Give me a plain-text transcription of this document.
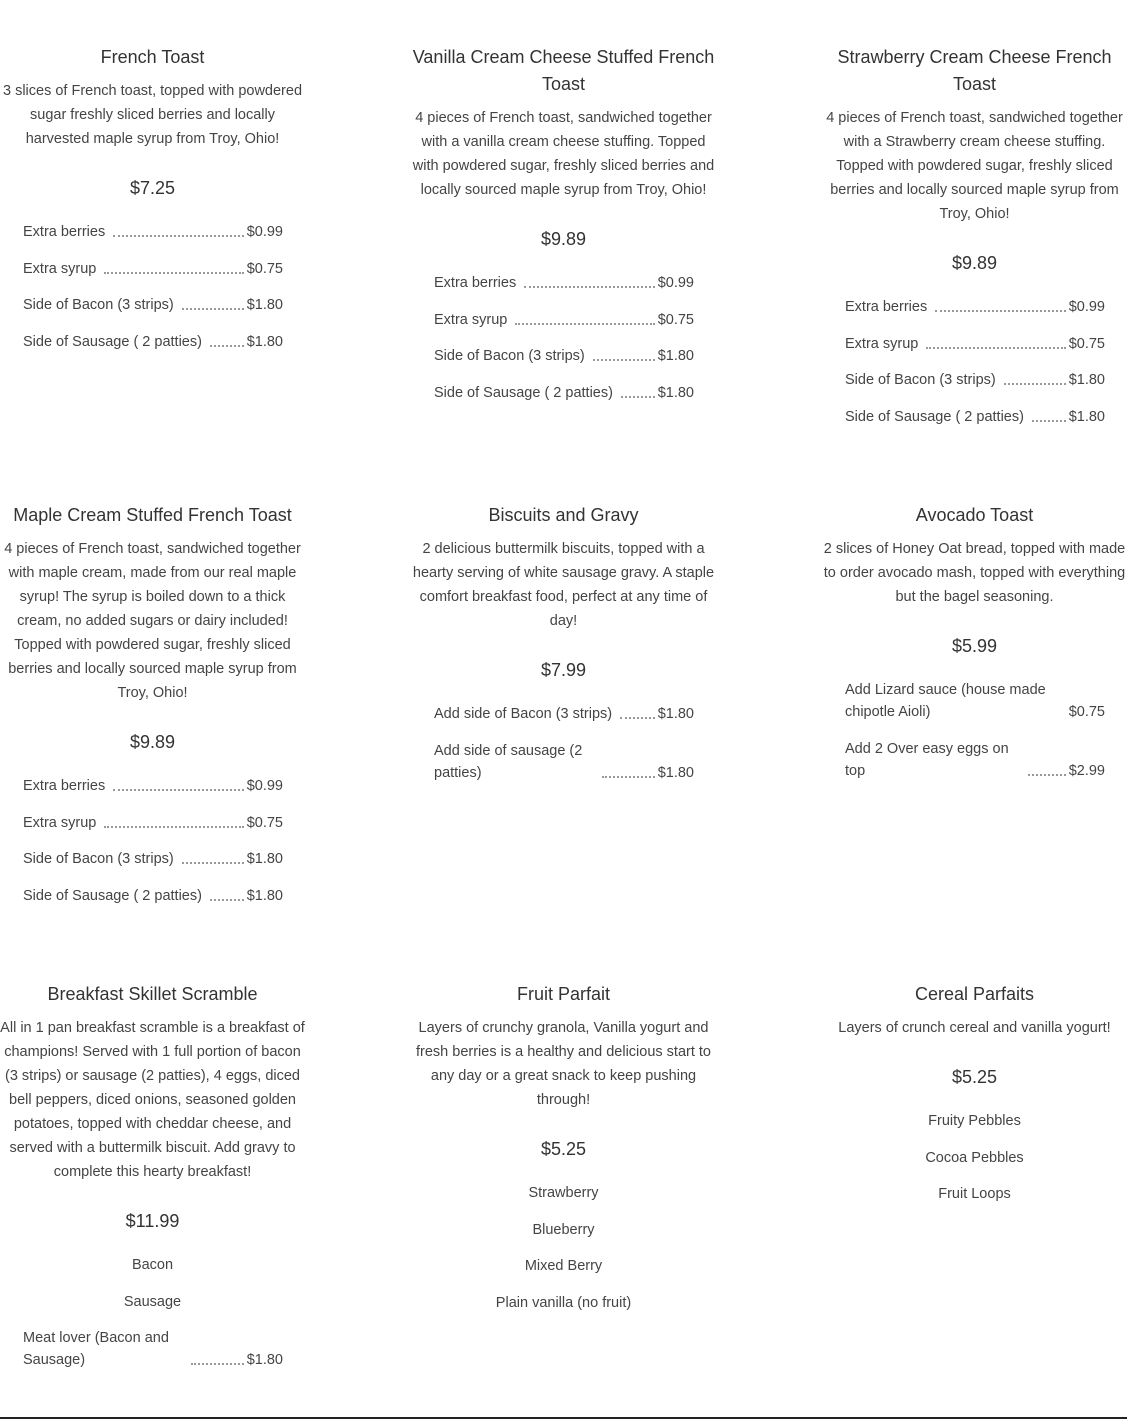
French Toast

3 slices of French toast, topped with powdered sugar freshly sliced berries and locally harvested maple syrup from Troy, Ohio!

$7.25
Extra berries	$0.99
Extra syrup	$0.75
Side of Bacon (3 strips)	$1.80
Side of Sausage ( 2 patties)	$1.80
Vanilla Cream Cheese Stuffed French Toast

4 pieces of French toast, sandwiched together with a vanilla cream cheese stuffing. Topped with powdered sugar, freshly sliced berries and locally sourced maple syrup from Troy, Ohio!

$9.89
Extra berries	$0.99
Extra syrup	$0.75
Side of Bacon (3 strips)	$1.80
Side of Sausage ( 2 patties)	$1.80
Strawberry Cream Cheese French Toast

4 pieces of French toast, sandwiched together with a Strawberry cream cheese stuffing. Topped with powdered sugar, freshly sliced berries and locally sourced maple syrup from Troy, Ohio!

$9.89
Extra berries	$0.99
Extra syrup	$0.75
Side of Bacon (3 strips)	$1.80
Side of Sausage ( 2 patties)	$1.80
Maple Cream Stuffed French Toast

4 pieces of French toast, sandwiched together with maple cream, made from our real maple syrup! The syrup is boiled down to a thick cream, no added sugars or dairy included! Topped with powdered sugar, freshly sliced berries and locally sourced maple syrup from Troy, Ohio!

$9.89
Extra berries	$0.99
Extra syrup	$0.75
Side of Bacon (3 strips)	$1.80
Side of Sausage ( 2 patties)	$1.80
Biscuits and Gravy

2 delicious buttermilk biscuits, topped with a hearty serving of white sausage gravy. A staple comfort breakfast food, perfect at any time of day!

$7.99
Add side of Bacon (3 strips)	$1.80
Add side of sausage (2 patties)	$1.80
Avocado Toast

2 slices of Honey Oat bread, topped with made to order avocado mash, topped with everything but the bagel seasoning.

$5.99
Add Lizard sauce (house made chipotle Aioli)	$0.75
Add 2 Over easy eggs on top	$2.99
Breakfast Skillet Scramble

All in 1 pan breakfast scramble is a breakfast of champions! Served with 1 full portion of bacon (3 strips) or sausage (2 patties), 4 eggs, diced bell peppers, diced onions, seasoned golden potatoes, topped with cheddar cheese, and served with a buttermilk biscuit. Add gravy to complete this hearty breakfast!

$11.99
Bacon
Sausage
Meat lover (Bacon and Sausage)	$1.80
Fruit Parfait

Layers of crunchy granola, Vanilla yogurt and fresh berries is a healthy and delicious start to any day or a great snack to keep pushing through!

$5.25
Strawberry
Blueberry
Mixed Berry
Plain vanilla (no fruit)
Cereal Parfaits

Layers of crunch cereal and vanilla yogurt!

$5.25
Fruity Pebbles
Cocoa Pebbles
Fruit Loops
